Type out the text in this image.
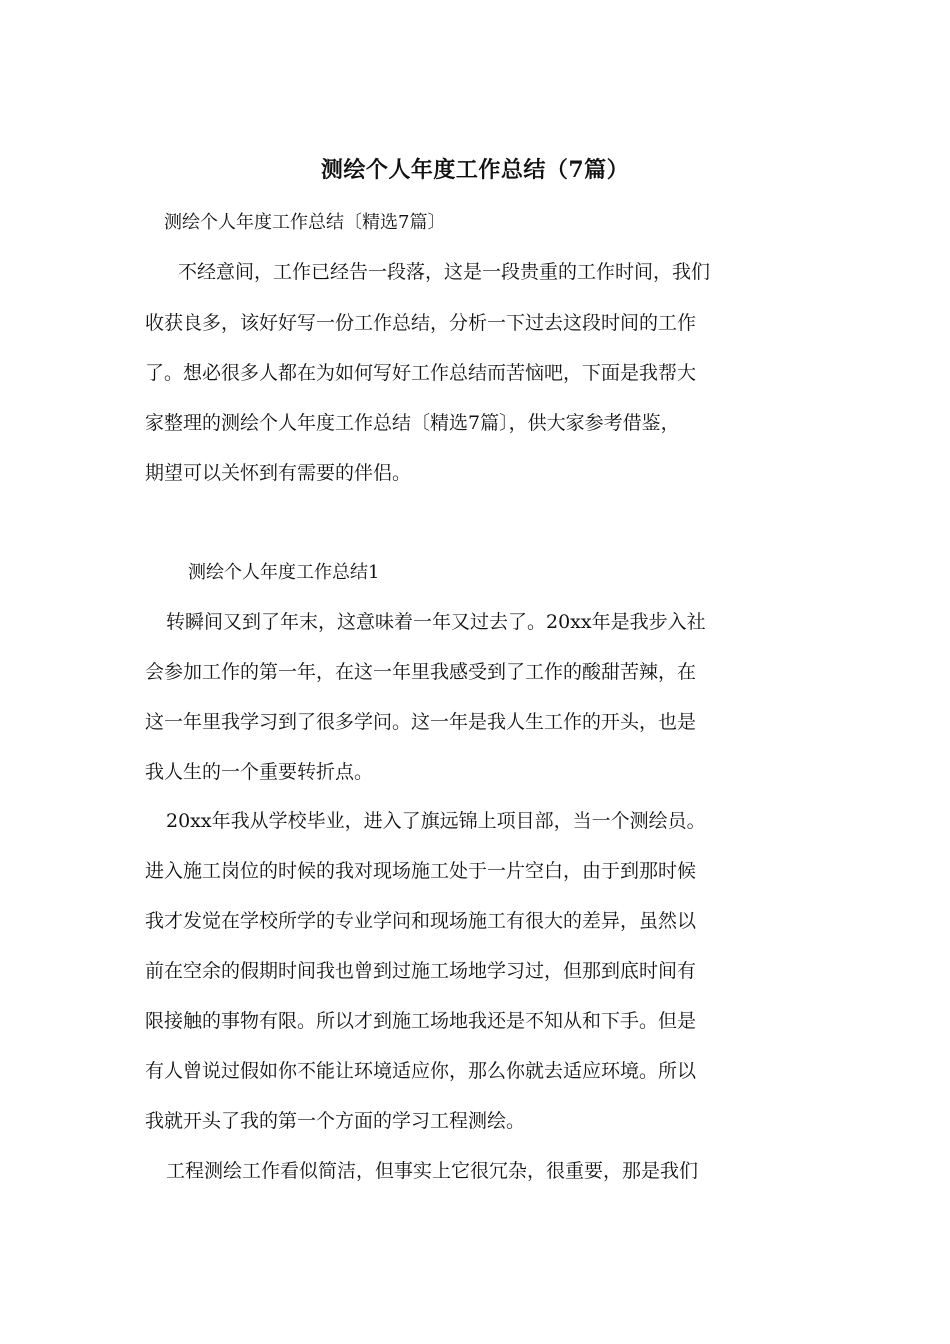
测绘个人年度工作总结（7篇）
测绘个人年度工作总结〔精选7篇〕
不经意间，工作已经告一段落，这是一段贵重的工作时间，我们
收获良多，该好好写一份工作总结，分析一下过去这段时间的工作
了。想必很多人都在为如何写好工作总结而苦恼吧，下面是我帮大
家整理的测绘个人年度工作总结〔精选7篇〕，供大家参考借鉴，
期望可以关怀到有需要的伴侣。
测绘个人年度工作总结1
转瞬间又到了年末，这意味着一年又过去了。20xx年是我步入社
会参加工作的第一年，在这一年里我感受到了工作的酸甜苦辣，在
这一年里我学习到了很多学问。这一年是我人生工作的开头，也是
我人生的一个重要转折点。
20xx年我从学校毕业，进入了旗远锦上项目部，当一个测绘员。
进入施工岗位的时候的我对现场施工处于一片空白，由于到那时候
我才发觉在学校所学的专业学问和现场施工有很大的差异，虽然以
前在空余的假期时间我也曾到过施工场地学习过，但那到底时间有
限接触的事物有限。所以才到施工场地我还是不知从和下手。但是
有人曾说过假如你不能让环境适应你，那么你就去适应环境。所以
我就开头了我的第一个方面的学习工程测绘。
工程测绘工作看似简洁，但事实上它很冗杂，很重要，那是我们
